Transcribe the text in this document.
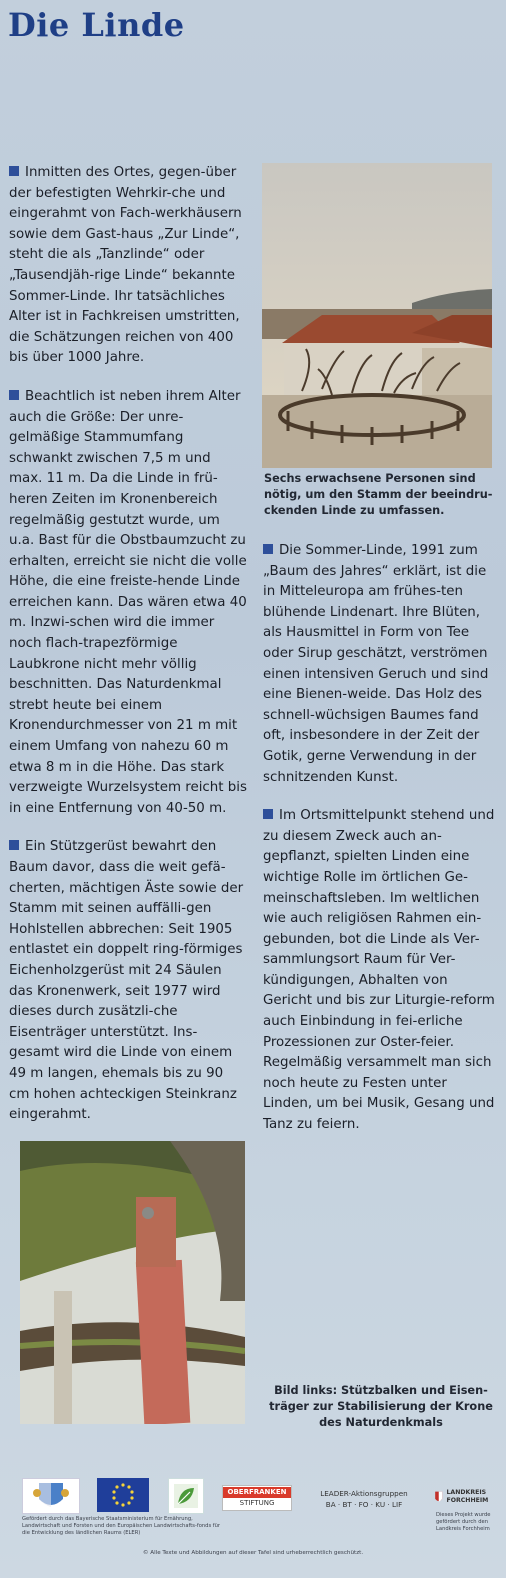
Die Linde

Inmitten des Ortes, gegen-über der befestigten Wehrkir-che und eingerahmt von Fach-werkhäusern sowie dem Gast-haus „Zur Linde“, steht die als „Tanzlinde“ oder „Tausendjäh-rige Linde“ bekannte Sommer-Linde. Ihr tatsächliches Alter ist in Fachkreisen umstritten, die Schätzungen reichen von 400 bis über 1000 Jahre.

Beachtlich ist neben ihrem Alter auch die Größe: Der unre-gelmäßige Stammumfang schwankt zwischen 7,5 m und max. 11 m. Da die Linde in frü-heren Zeiten im Kronenbereich regelmäßig gestutzt wurde, um u.a. Bast für die Obstbaumzucht zu erhalten, erreicht sie nicht die volle Höhe, die eine freiste-hende Linde erreichen kann. Das wären etwa 40 m. Inzwi-schen wird die immer noch flach-trapezförmige Laubkrone nicht mehr völlig beschnitten. Das Naturdenkmal strebt heute bei einem Kronendurchmesser von 21 m mit einem Umfang von nahezu 60 m etwa 8 m in die Höhe. Das stark verzweigte Wurzelsystem reicht bis in eine Entfernung von 40-50 m.

Ein Stützgerüst bewahrt den Baum davor, dass die weit gefä-cherten, mächtigen Äste sowie der Stamm mit seinen auffälli-gen Hohlstellen abbrechen: Seit 1905 entlastet ein doppelt ring-förmiges Eichenholzgerüst mit 24 Säulen das Kronenwerk, seit 1977 wird dieses durch zusätzli-che Eisenträger unterstützt. Ins-gesamt wird die Linde von einem 49 m langen, ehemals bis zu 90 cm hohen achteckigen Steinkranz eingerahmt.

Sechs erwachsene Personen sind nötig, um den Stamm der beeindru-ckenden Linde zu umfassen.

Die Sommer-Linde, 1991 zum „Baum des Jahres“ erklärt, ist die in Mitteleuropa am frühes-ten blühende Lindenart. Ihre Blüten, als Hausmittel in Form von Tee oder Sirup geschätzt, verströmen einen intensiven Geruch und sind eine Bienen-weide. Das Holz des schnell-wüchsigen Baumes fand oft, insbesondere in der Zeit der Gotik, gerne Verwendung in der schnitzenden Kunst.

Im Ortsmittelpunkt stehend und zu diesem Zweck auch an-gepflanzt, spielten Linden eine wichtige Rolle im örtlichen Ge-meinschaftsleben. Im weltlichen wie auch religiösen Rahmen ein-gebunden, bot die Linde als Ver-sammlungsort Raum für Ver-kündigungen, Abhalten von Gericht und bis zur Liturgie-reform auch Einbindung in fei-erliche Prozessionen zur Oster-feier. Regelmäßig versammelt man sich noch heute zu Festen unter Linden, um bei Musik, Gesang und Tanz zu feiern.

Bild links: Stützbalken und Eisen-träger zur Stabilisierung der Krone des Naturdenkmals
OBERFRANKEN
STIFTUNG
LEADER-Aktionsgruppen
BA · BT · FO · KU · LIF
LANDKREIS FORCHHEIM
Gefördert durch das Bayerische Staatsministerium für Ernährung, Landwirtschaft und Forsten und den Europäischen Landwirtschafts-fonds für die Entwicklung des ländlichen Raums (ELER)
Dieses Projekt wurde gefördert durch den Landkreis Forchheim
© Alle Texte und Abbildungen auf dieser Tafel sind urheberrechtlich geschützt.
